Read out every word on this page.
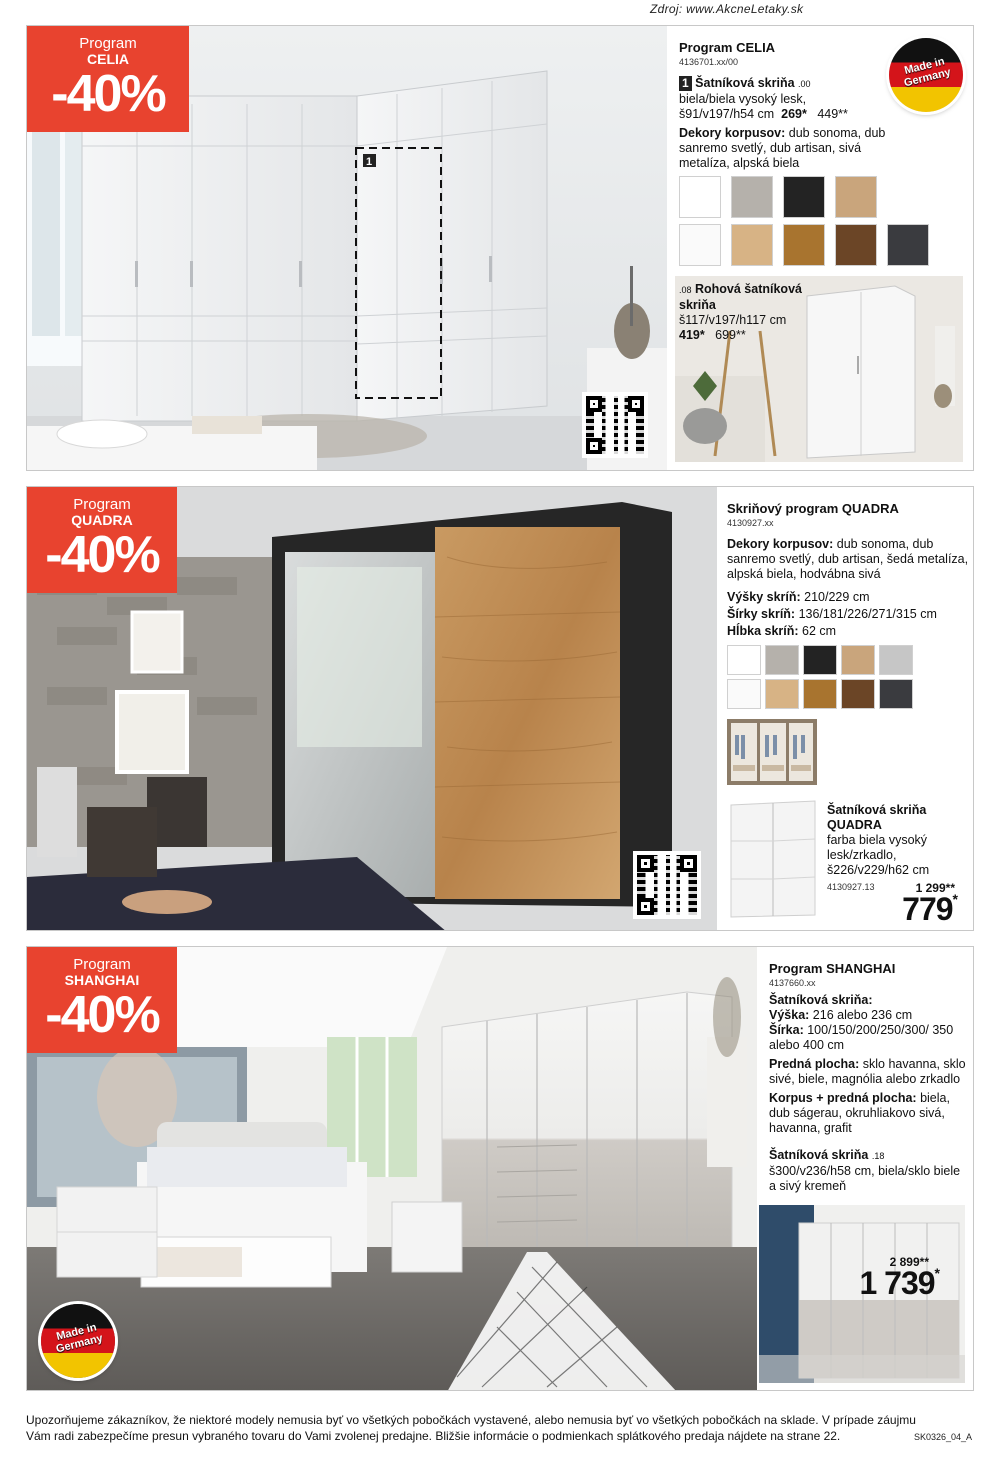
Zdroj: www.AkcneLetaky.sk
1
Program
CELIA
-40%
Program CELIA
4136701.xx/00
1 Šatníková skriňa .00
biela/biela vysoký lesk,
š91/v197/h54 cm 269* 449**
Dekory korpusov: dub sonoma, dub sanremo svetlý, dub artisan, sivá metalíza, alpská biela
Made in Germany
.08 Rohová šatníková skriňa
š117/v197/h117 cm
419* 699**
Program
QUADRA
-40%
Skriňový program QUADRA
4130927.xx
Dekory korpusov: dub sonoma, dub sanremo svetlý, dub artisan, šedá metalíza, alpská biela, hodvábna sivá
Výšky skríň: 210/229 cm
Šírky skríň: 136/181/226/271/315 cm
Hĺbka skríň: 62 cm
Šatníková skriňa QUADRA
farba biela vysoký lesk/zrkadlo,
š226/v229/h62 cm
4130927.13	1 299**
779*
Program
SHANGHAI
-40%
Made in Germany
Program SHANGHAI
4137660.xx
Šatníková skriňa:
Výška: 216 alebo 236 cm
Šírka: 100/150/200/250/300/ 350 alebo 400 cm
Predná plocha: sklo havanna, sklo sivé, biele, magnólia alebo zrkadlo
Korpus + predná plocha: biela, dub ságerau, okruhliakovo sivá, havanna, grafit
Šatníková skriňa .18
š300/v236/h58 cm, biela/sklo biele a sivý kremeň
2 899**
1 739*
Upozorňujeme zákazníkov, že niektoré modely nemusia byť vo všetkých pobočkách vystavené, alebo nemusia byť vo všetkých pobočkách na sklade. V prípade záujmu Vám radi zabezpečíme presun vybraného tovaru do Vami zvolenej predajne. Bližšie informácie o podmienkach splátkového predaja nájdete na strane 22.	SK0326_04_A
